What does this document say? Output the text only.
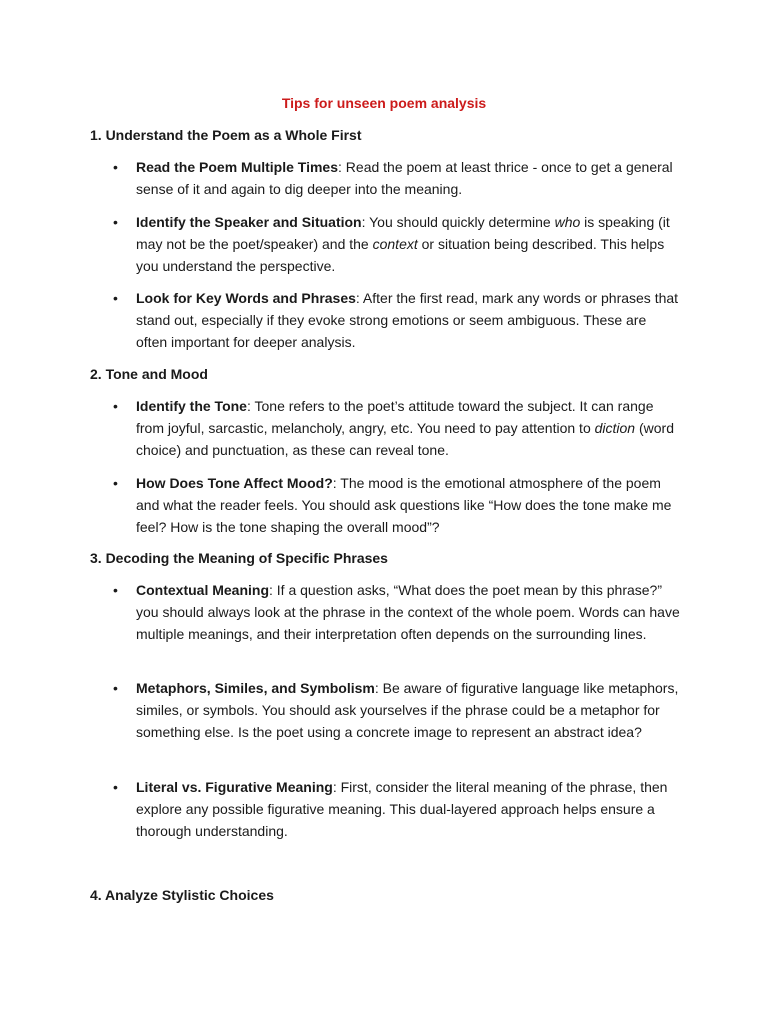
Tips for unseen poem analysis
1. Understand the Poem as a Whole First
•	Read the Poem Multiple Times: Read the poem at least thrice - once to get a general sense of it and again to dig deeper into the meaning.
•	Identify the Speaker and Situation: You should quickly determine who is speaking (it may not be the poet/speaker) and the context or situation being described. This helps you understand the perspective.
•	Look for Key Words and Phrases: After the first read, mark any words or phrases that stand out, especially if they evoke strong emotions or seem ambiguous. These are often important for deeper analysis.
2. Tone and Mood
•	Identify the Tone: Tone refers to the poet’s attitude toward the subject. It can range from joyful, sarcastic, melancholy, angry, etc. You need to pay attention to diction (word choice) and punctuation, as these can reveal tone.
•	How Does Tone Affect Mood?: The mood is the emotional atmosphere of the poem and what the reader feels. You should ask questions like “How does the tone make me feel? How is the tone shaping the overall mood”?
3. Decoding the Meaning of Specific Phrases
•	Contextual Meaning: If a question asks, “What does the poet mean by this phrase?” you should always look at the phrase in the context of the whole poem. Words can have multiple meanings, and their interpretation often depends on the surrounding lines.
•	Metaphors, Similes, and Symbolism: Be aware of figurative language like metaphors, similes, or symbols. You should ask yourselves if the phrase could be a metaphor for something else. Is the poet using a concrete image to represent an abstract idea?
•	Literal vs. Figurative Meaning: First, consider the literal meaning of the phrase, then explore any possible figurative meaning. This dual-layered approach helps ensure a thorough understanding.
4. Analyze Stylistic Choices
